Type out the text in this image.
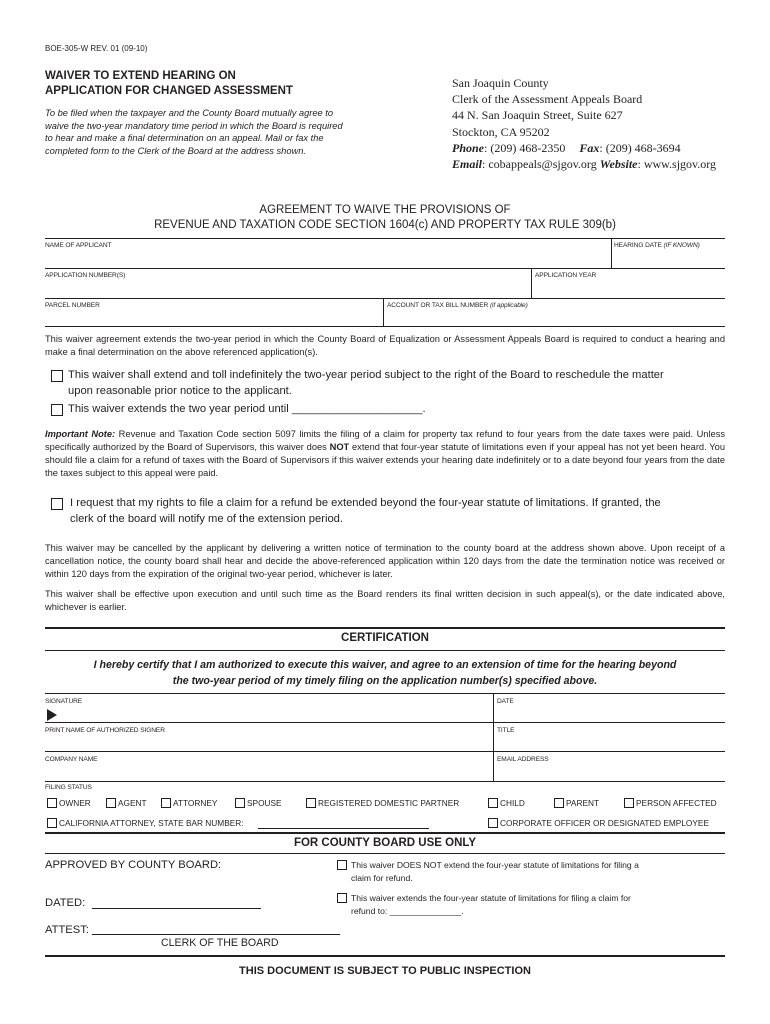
BOE-305-W REV. 01 (09-10)
WAIVER TO EXTEND HEARING ON
APPLICATION FOR CHANGED ASSESSMENT
To be filed when the taxpayer and the County Board mutually agree to waive the two-year mandatory time period in which the Board is required to hear and make a final determination on an appeal. Mail or fax the completed form to the Clerk of the Board at the address shown.
San Joaquin County
Clerk of the Assessment Appeals Board
44 N. San Joaquin Street, Suite 627
Stockton, CA 95202
Phone: (209) 468-2350 Fax: (209) 468-3694
Email: cobappeals@sjgov.org Website: www.sjgov.org
AGREEMENT TO WAIVE THE PROVISIONS OF
REVENUE AND TAXATION CODE SECTION 1604(c) AND PROPERTY TAX RULE 309(b)
NAME OF APPLICANT	HEARING DATE (IF KNOWN)
APPLICATION NUMBER(S)	APPLICATION YEAR
PARCEL NUMBER	ACCOUNT OR TAX BILL NUMBER (if applicable)
This waiver agreement extends the two-year period in which the County Board of Equalization or Assessment Appeals Board is required to conduct a hearing and make a final determination on the above referenced application(s).
This waiver shall extend and toll indefinitely the two-year period subject to the right of the Board to reschedule the matter
upon reasonable prior notice to the applicant.
This waiver extends the two year period until _____________________.
Important Note: Revenue and Taxation Code section 5097 limits the filing of a claim for property tax refund to four years from the date taxes were paid. Unless specifically authorized by the Board of Supervisors, this waiver does NOT extend that four-year statute of limitations even if your appeal has not yet been heard. You should file a claim for a refund of taxes with the Board of Supervisors if this waiver extends your hearing date indefinitely or to a date beyond four years from the date the taxes subject to this appeal were paid.
I request that my rights to file a claim for a refund be extended beyond the four-year statute of limitations. If granted, the
clerk of the board will notify me of the extension period.
This waiver may be cancelled by the applicant by delivering a written notice of termination to the county board at the address shown above. Upon receipt of a cancellation notice, the county board shall hear and decide the above-referenced application within 120 days from the date the termination notice was received or within 120 days from the expiration of the original two-year period, whichever is later.
This waiver shall be effective upon execution and until such time as the Board renders its final written decision in such appeal(s), or the date indicated above, whichever is earlier.
CERTIFICATION
I hereby certify that I am authorized to execute this waiver, and agree to an extension of time for the hearing beyond
the two-year period of my timely filing on the application number(s) specified above.
SIGNATURE	DATE
PRINT NAME OF AUTHORIZED SIGNER	TITLE
COMPANY NAME	EMAIL ADDRESS
FILING STATUS
OWNER	AGENT	ATTORNEY	SPOUSE	REGISTERED DOMESTIC PARTNER	CHILD	PARENT	PERSON AFFECTED
CALIFORNIA ATTORNEY, STATE BAR NUMBER:	CORPORATE OFFICER OR DESIGNATED EMPLOYEE
FOR COUNTY BOARD USE ONLY
APPROVED BY COUNTY BOARD:	This waiver DOES NOT extend the four-year statute of limitations for filing a
claim for refund.
This waiver extends the four-year statute of limitations for filing a claim for
refund to: _______________.
DATED:
ATTEST:
CLERK OF THE BOARD
THIS DOCUMENT IS SUBJECT TO PUBLIC INSPECTION
